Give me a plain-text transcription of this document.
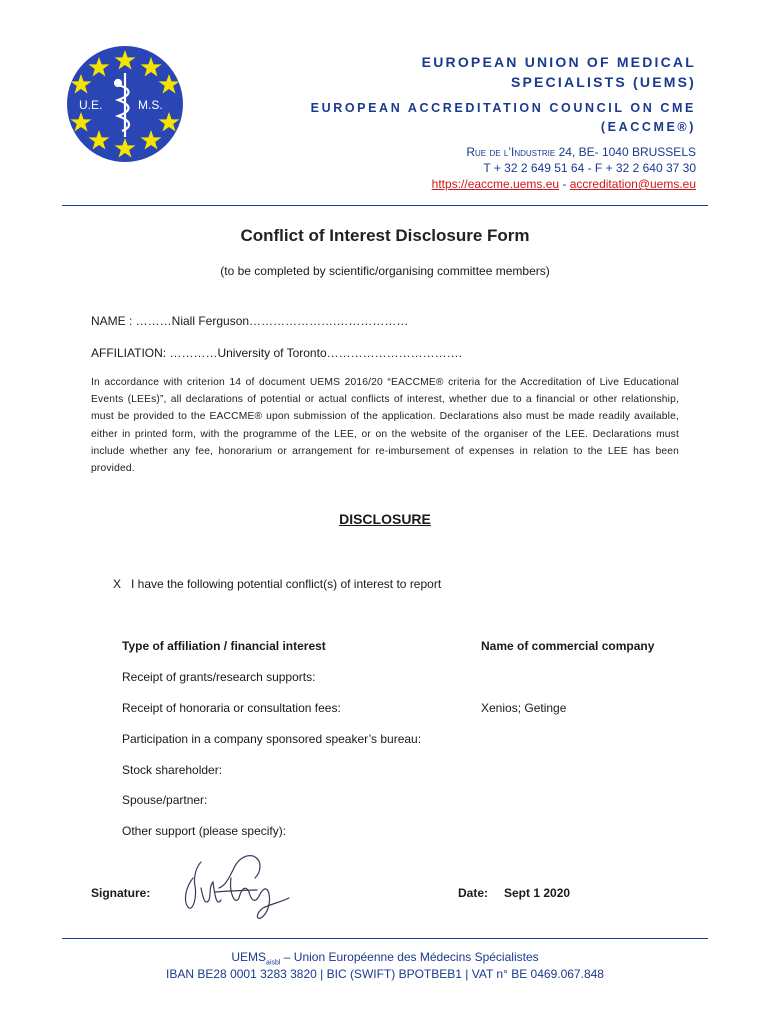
U.E.	M.S.
EUROPEAN UNION OF MEDICAL
SPECIALISTS (UEMS)
EUROPEAN ACCREDITATION COUNCIL ON CME
(EACCME®)
Rue de l’Industrie 24, BE- 1040 BRUSSELS
T + 32 2 649 51 64 - F + 32 2 640 37 30
https://eaccme.uems.eu - accreditation@uems.eu
Conflict of Interest Disclosure Form
(to be completed by scientific/organising committee members)
NAME : ………Niall Ferguson………………….………………
AFFILIATION: …………University of Toronto…………………………….
In accordance with criterion 14 of document UEMS 2016/20 “EACCME® criteria for the Accreditation of Live Educational Events (LEEs)”, all declarations of potential or actual conflicts of interest, whether due to a financial or other relationship, must be provided to the EACCME® upon submission of the application. Declarations also must be made readily available, either in printed form, with the programme of the LEE, or on the website of the organiser of the LEE. Declarations must include whether any fee, honorarium or arrangement for re-imbursement of expenses in relation to the LEE has been provided.
DISCLOSURE
X I have the following potential conflict(s) of interest to report
Type of affiliation / financial interest	Name of commercial company
Receipt of grants/research supports:
Receipt of honoraria or consultation fees:	Xenios; Getinge
Participation in a company sponsored speaker’s bureau:
Stock shareholder:
Spouse/partner:
Other support (please specify):
Signature:	Date: Sept 1 2020
$UEMS_{aisbl}$ – Union Européenne des Médecins Spécialistes
IBAN BE28 0001 3283 3820 | BIC (SWIFT) BPOTBEB1 | VAT n° BE 0469.067.848
